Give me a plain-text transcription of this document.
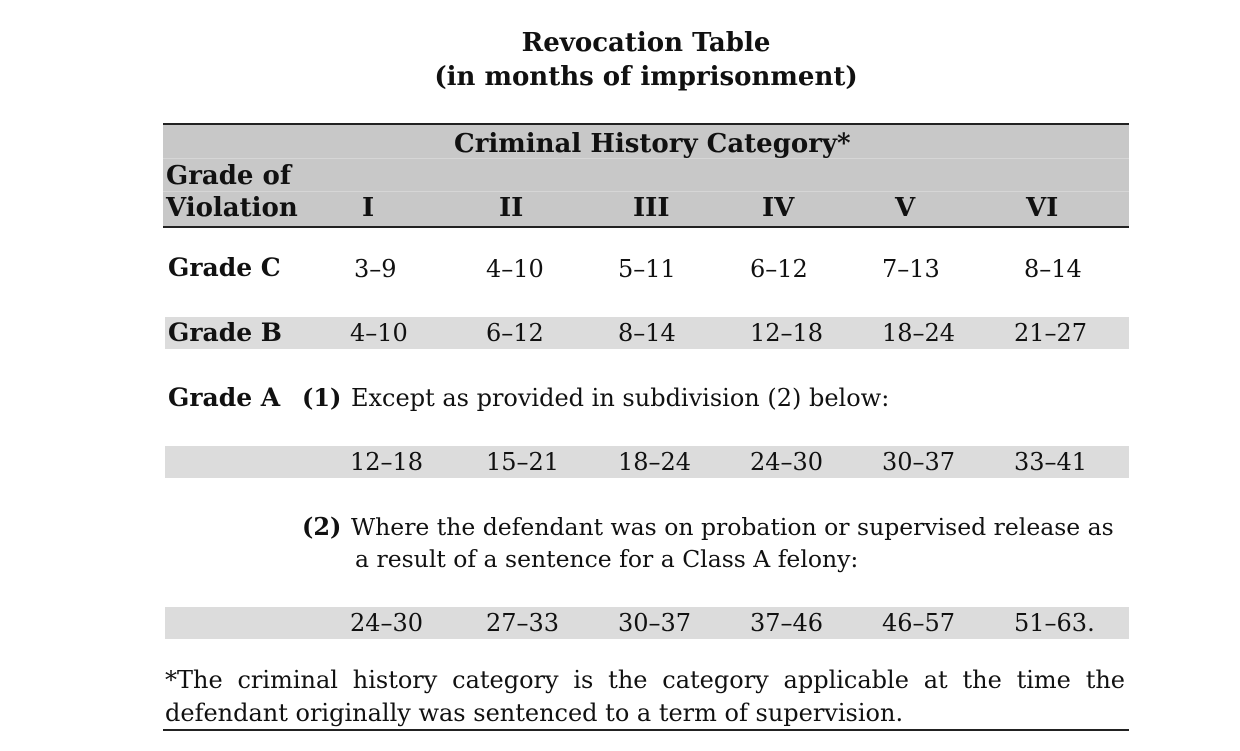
Revocation Table
(in months of imprisonment)
Criminal History Category*
Grade of
Violation I	II	III	IV	V	VI
Grade C	3–9	4–10	5–11	6–12	7–13	8–14
Grade B	4–10	6–12	8–14	12–18	18–24	21–27
Grade A (1) Except as provided in subdivision (2) below:
12–18	15–21	18–24	24–30	30–37	33–41
(2) Where the defendant was on probation or supervised release as
a result of a sentence for a Class A felony:
24–30	27–33	30–37	37–46	46–57	51–63.
*The criminal history category is the category applicable at the time the
defendant originally was sentenced to a term of supervision.
